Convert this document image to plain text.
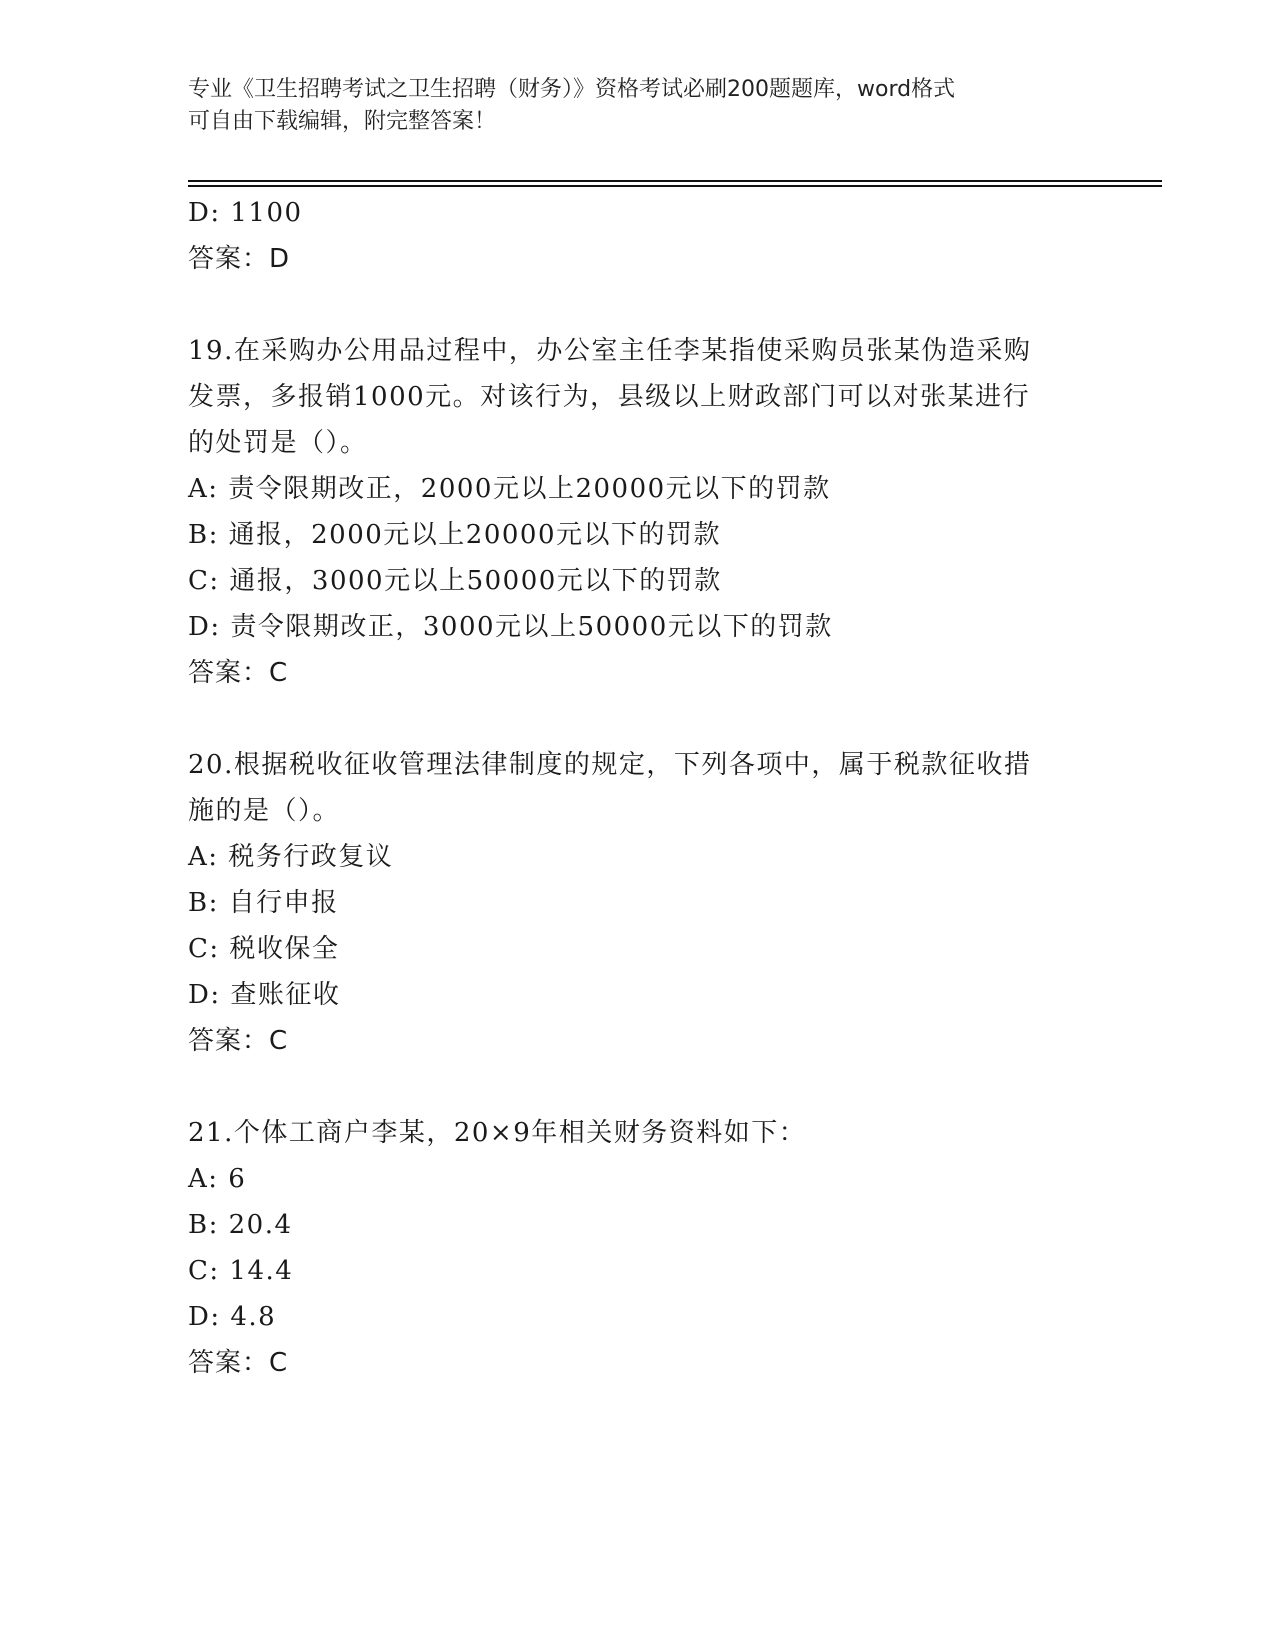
专业《卫生招聘考试之卫生招聘（财务）》资格考试必刷200题题库，word格式
可自由下载编辑，附完整答案！
D: 1100
答案：D
19.在采购办公用品过程中，办公室主任李某指使采购员张某伪造采购
发票，多报销1000元。对该行为，县级以上财政部门可以对张某进行
的处罚是（）。
A: 责令限期改正，2000元以上20000元以下的罚款
B: 通报，2000元以上20000元以下的罚款
C: 通报，3000元以上50000元以下的罚款
D: 责令限期改正，3000元以上50000元以下的罚款
答案：C
20.根据税收征收管理法律制度的规定，下列各项中，属于税款征收措
施的是（）。
A: 税务行政复议
B: 自行申报
C: 税收保全
D: 查账征收
答案：C
21.个体工商户李某，20×9年相关财务资料如下：
A: 6
B: 20.4
C: 14.4
D: 4.8
答案：C
